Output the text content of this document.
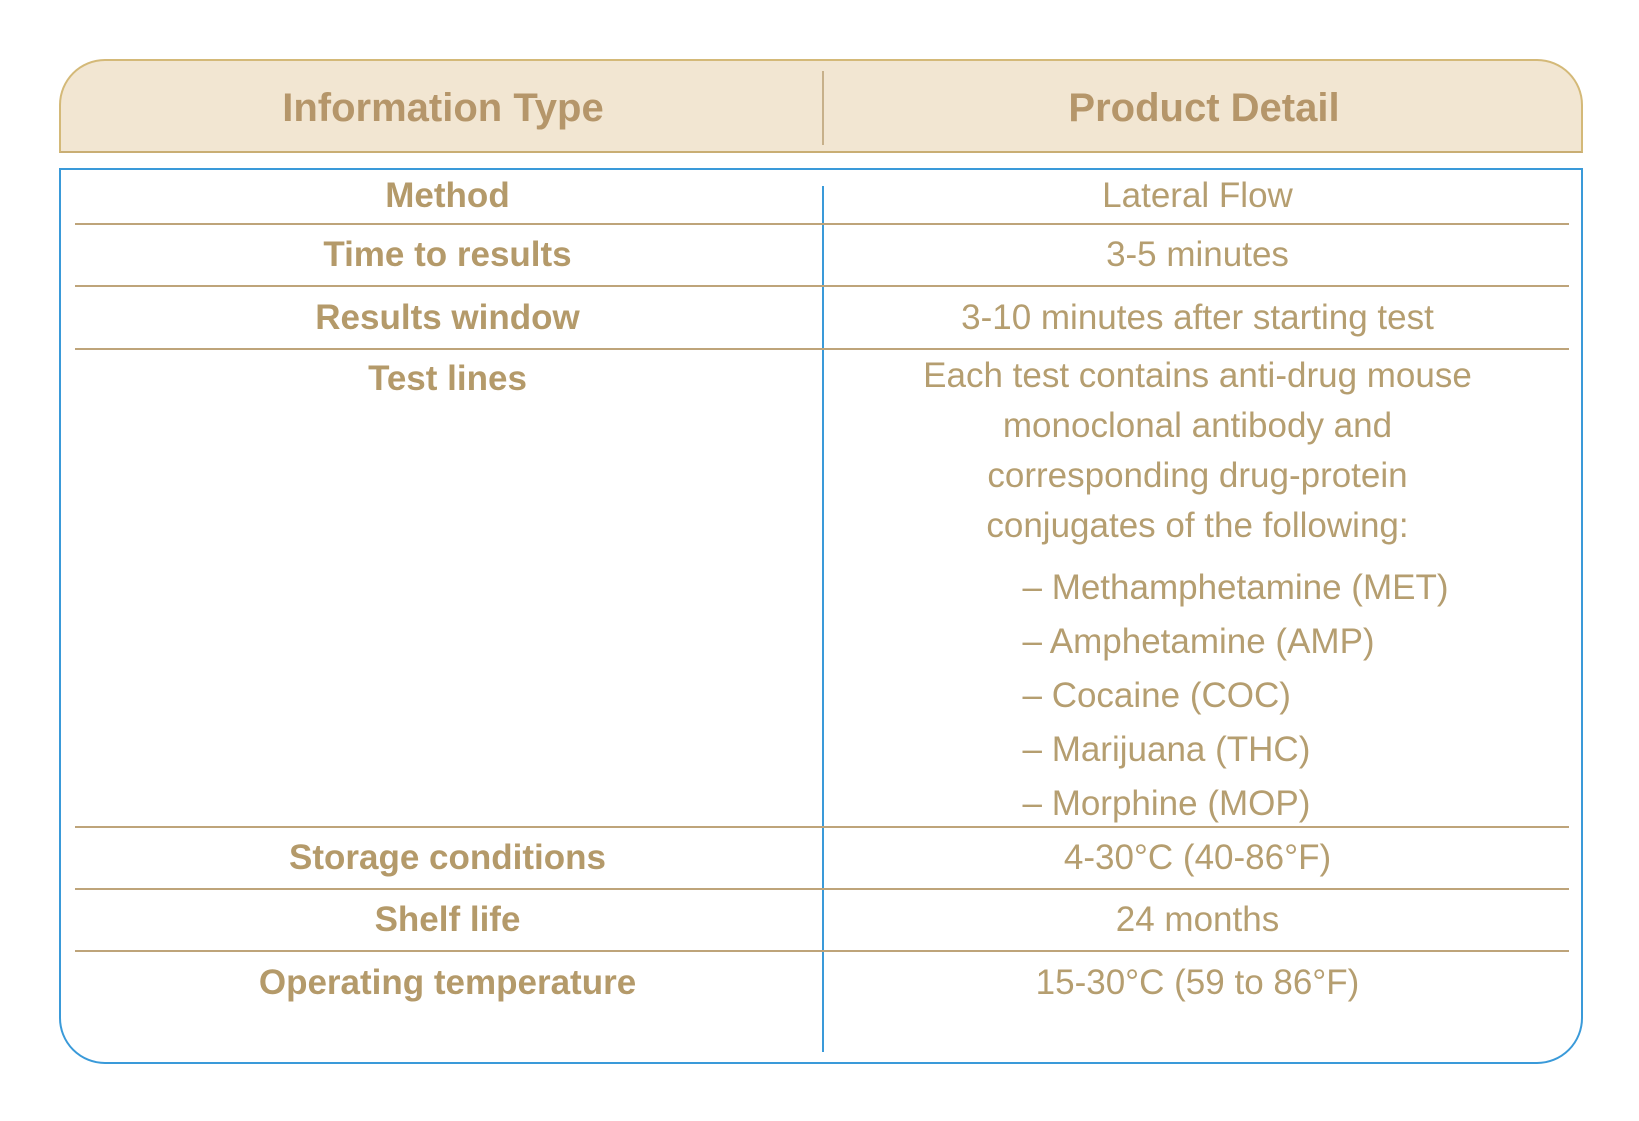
Information Type	Product Detail
Method	Lateral Flow
Time to results	3-5 minutes
Results window	3-10 minutes after starting test
Test lines	Each test contains anti-drug mouse
monoclonal antibody and
corresponding drug-protein
conjugates of the following:
– Methamphetamine (MET)
– Amphetamine (AMP)
– Cocaine (COC)
– Marijuana (THC)
– Morphine (MOP)
Storage conditions	4-30°C (40-86°F)
Shelf life	24 months
Operating temperature	15-30°C (59 to 86°F)
